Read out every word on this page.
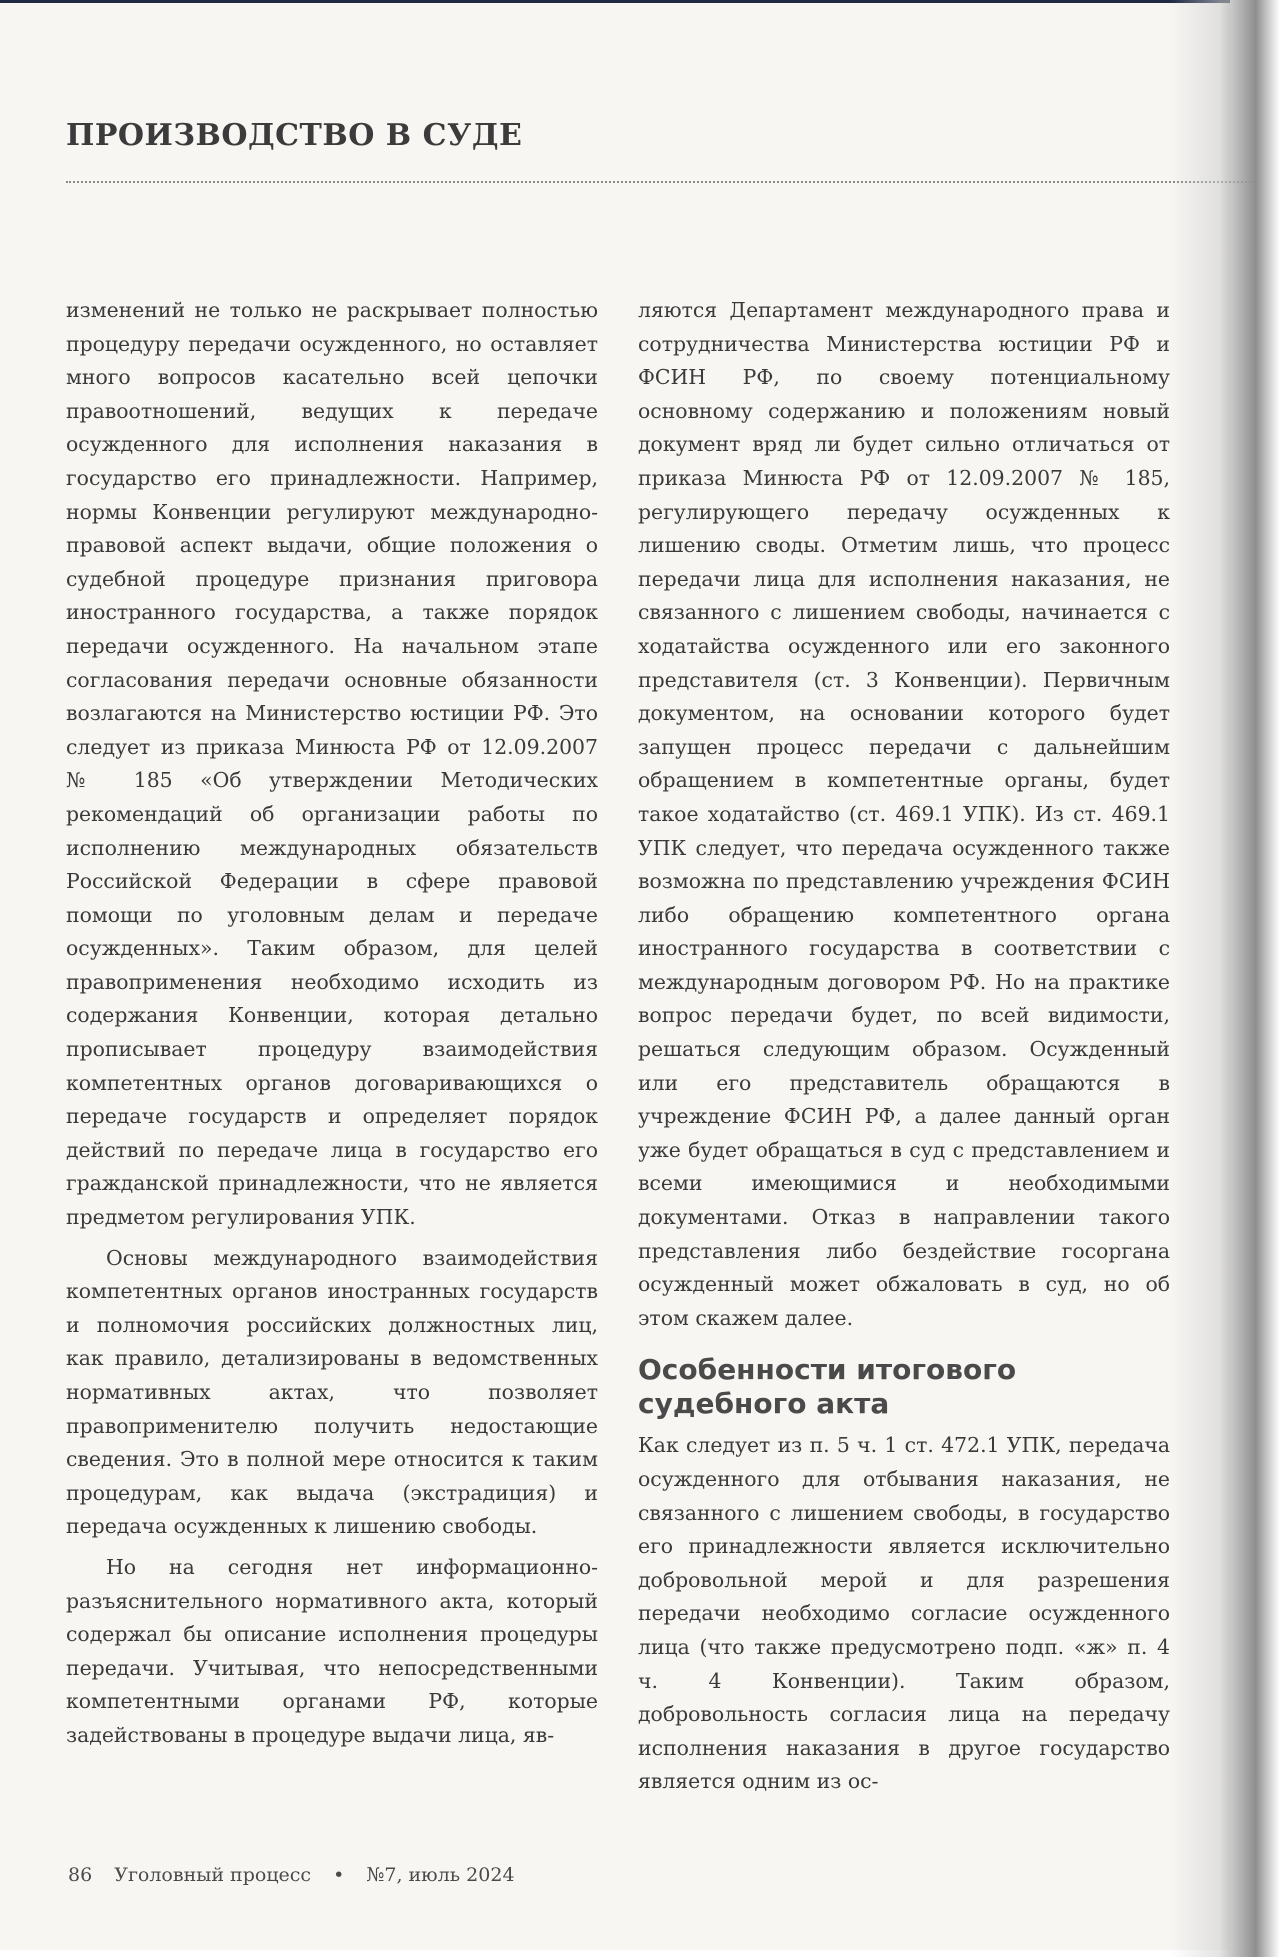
ПРОИЗВОДСТВО В СУДЕ

изменений не только не раскрывает полностью процедуру передачи осужденного, но оставляет много вопросов касательно всей цепочки правоотношений, ведущих к передаче осужденного для исполнения наказания в государство его принадлежности. Например, нормы Конвенции регулируют международно-правовой аспект выдачи, общие положения о судебной процедуре признания приговора иностранного государства, а также порядок передачи осужденного. На начальном этапе согласования передачи основные обязанности возлагаются на Министерство юстиции РФ. Это следует из приказа Минюста РФ от 12.09.2007 № 185 «Об утверждении Методических рекомендаций об организации работы по исполнению международных обязательств Российской Федерации в сфере правовой помощи по уголовным делам и передаче осужденных». Таким образом, для целей правоприменения необходимо исходить из содержания Конвенции, которая детально прописывает процедуру взаимодействия компетентных органов договаривающихся о передаче государств и определяет порядок действий по передаче лица в государство его гражданской принадлежности, что не является предметом регулирования УПК.

Основы международного взаимодействия компетентных органов иностранных государств и полномочия российских должностных лиц, как правило, детализированы в ведомственных нормативных актах, что позволяет правоприменителю получить недостающие сведения. Это в полной мере относится к таким процедурам, как выдача (экстрадиция) и передача осужденных к лишению свободы.

Но на сегодня нет информационно-разъяснительного нормативного акта, который содержал бы описание исполнения процедуры передачи. Учитывая, что непосредственными компетентными органами РФ, которые задействованы в процедуре выдачи лица, яв-

ляются Департамент международного права и сотрудничества Министерства юстиции РФ и ФСИН РФ, по своему потенциальному основному содержанию и положениям новый документ вряд ли будет сильно отличаться от приказа Минюста РФ от 12.09.2007 № 185, регулирующего передачу осужденных к лишению своды. Отметим лишь, что процесс передачи лица для исполнения наказания, не связанного с лишением свободы, начинается с ходатайства осужденного или его законного представителя (ст. 3 Конвенции). Первичным документом, на основании которого будет запущен процесс передачи с дальнейшим обращением в компетентные органы, будет такое ходатайство (ст. 469.1 УПК). Из ст. 469.1 УПК следует, что передача осужденного также возможна по представлению учреждения ФСИН либо обращению компетентного органа иностранного государства в соответствии с международным договором РФ. Но на практике вопрос передачи будет, по всей видимости, решаться следующим образом. Осужденный или его представитель обращаются в учреждение ФСИН РФ, а далее данный орган уже будет обращаться в суд с представлением и всеми имеющимися и необходимыми документами. Отказ в направлении такого представления либо бездействие госоргана осужденный может обжаловать в суд, но об этом скажем далее.

Особенности итогового судебного акта

Как следует из п. 5 ч. 1 ст. 472.1 УПК, передача осужденного для отбывания наказания, не связанного с лишением свободы, в государство его принадлежности является исключительно добровольной мерой и для разрешения передачи необходимо согласие осужденного лица (что также предусмотрено подп. «ж» п. 4 ч. 4 Конвенции). Таким образом, добровольность согласия лица на передачу исполнения наказания в другое государство является одним из ос-

86 Уголовный процесс • №7, июль 2024
